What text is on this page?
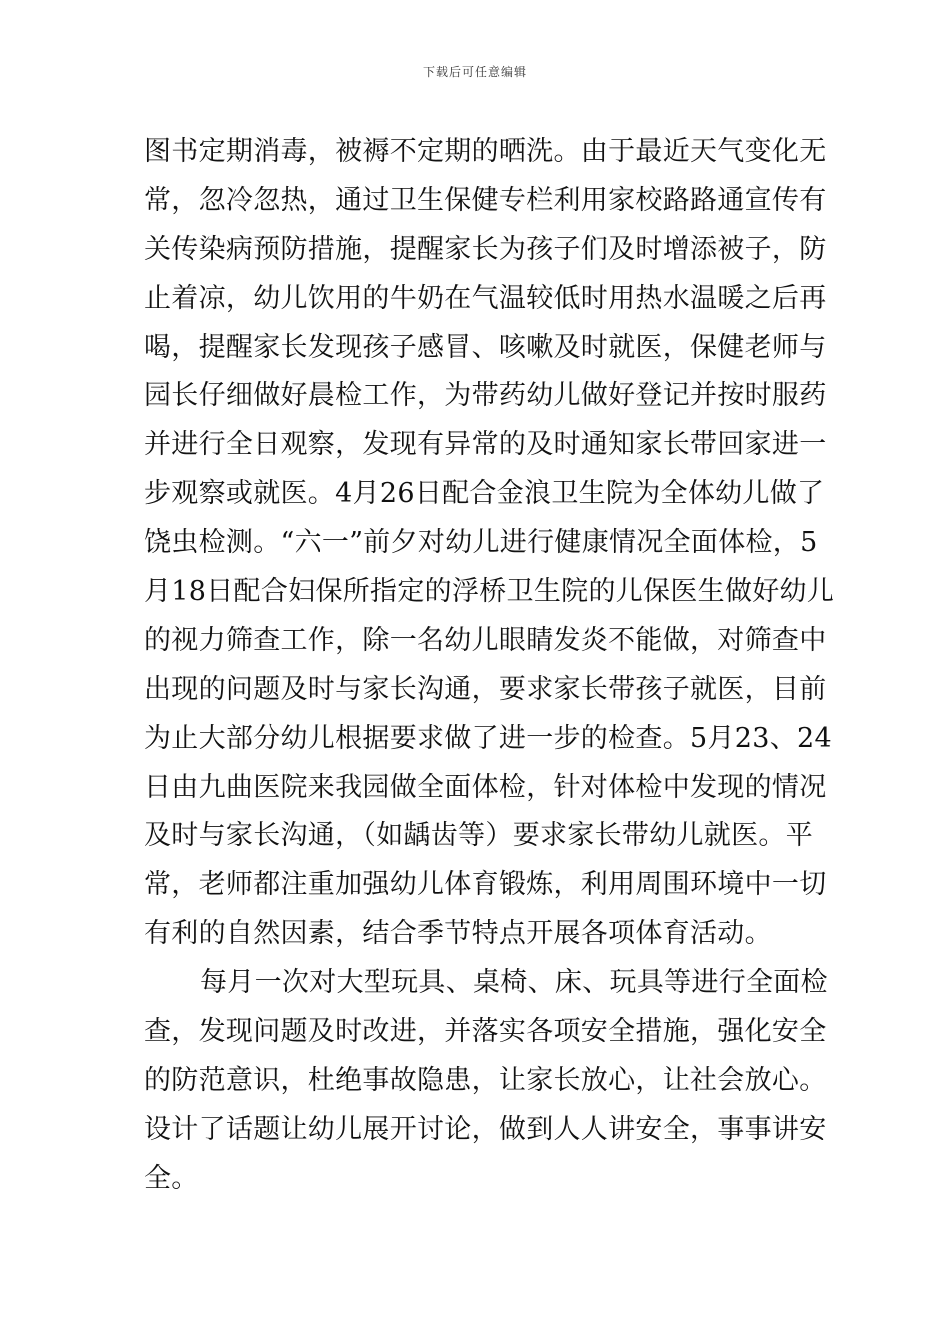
下载后可任意编辑
图书定期消毒，被褥不定期的晒洗。由于最近天气变化无
常，忽冷忽热，通过卫生保健专栏利用家校路路通宣传有
关传染病预防措施，提醒家长为孩子们及时增添被子，防
止着凉，幼儿饮用的牛奶在气温较低时用热水温暖之后再
喝，提醒家长发现孩子感冒、咳嗽及时就医，保健老师与
园长仔细做好晨检工作，为带药幼儿做好登记并按时服药
并进行全日观察，发现有异常的及时通知家长带回家进一
步观察或就医。4月26日配合金浪卫生院为全体幼儿做了
饶虫检测。“六一”前夕对幼儿进行健康情况全面体检，5
月18日配合妇保所指定的浮桥卫生院的儿保医生做好幼儿
的视力筛查工作，除一名幼儿眼睛发炎不能做，对筛查中
出现的问题及时与家长沟通，要求家长带孩子就医，目前
为止大部分幼儿根据要求做了进一步的检查。5月23、24
日由九曲医院来我园做全面体检，针对体检中发现的情况
及时与家长沟通，（如龋齿等）要求家长带幼儿就医。平
常，老师都注重加强幼儿体育锻炼，利用周围环境中一切
有利的自然因素，结合季节特点开展各项体育活动。
每月一次对大型玩具、桌椅、床、玩具等进行全面检
查，发现问题及时改进，并落实各项安全措施，强化安全
的防范意识，杜绝事故隐患，让家长放心，让社会放心。
设计了话题让幼儿展开讨论，做到人人讲安全，事事讲安
全。
